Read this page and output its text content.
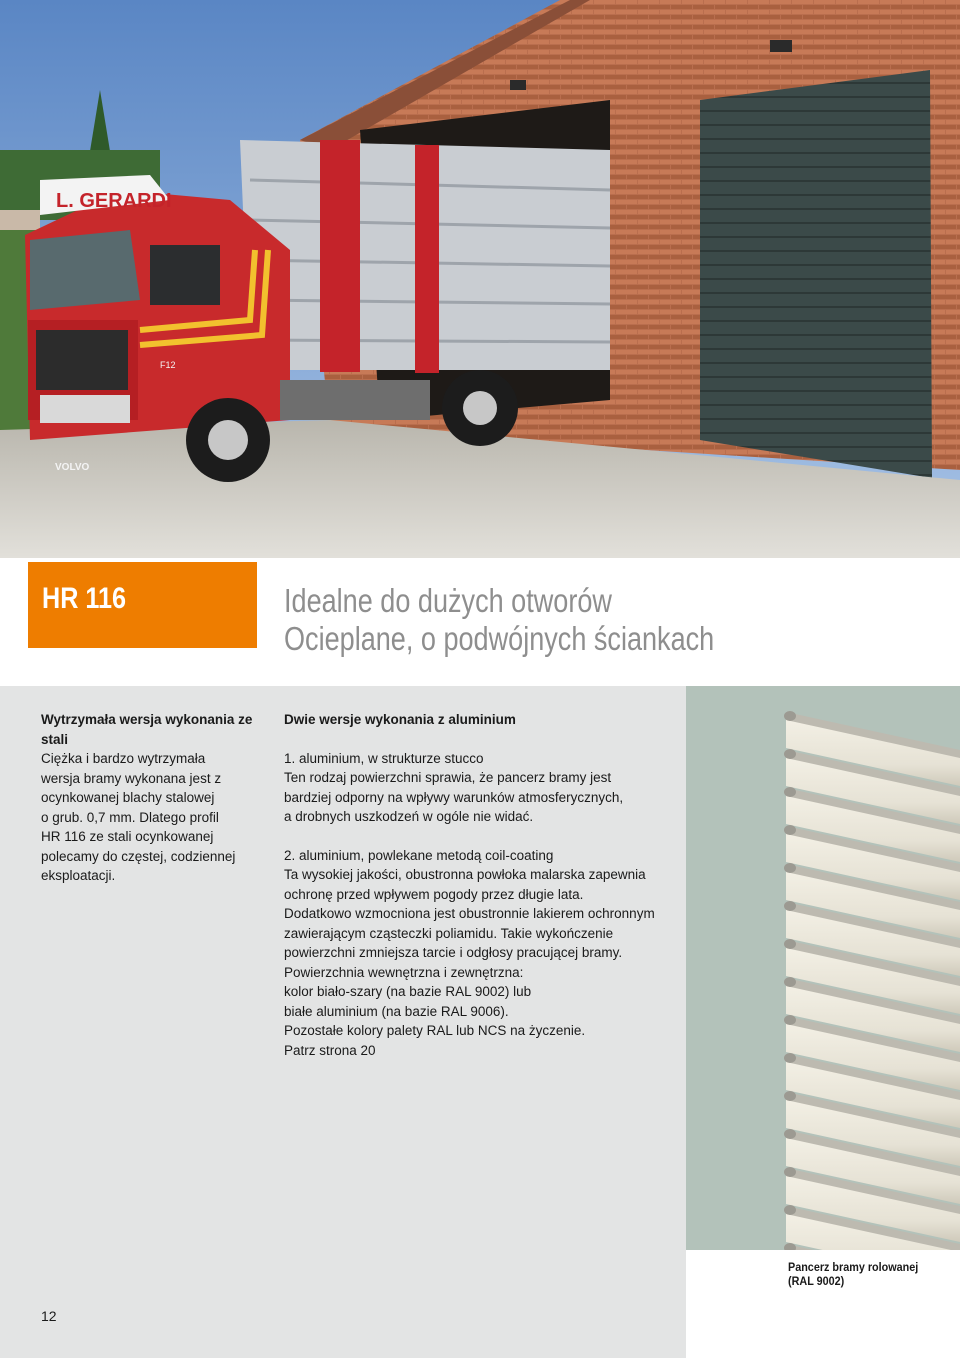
L. GERARDI
VOLVO
F12
HR 116	Idealne do dużych otworów
Ocieplane, o podwójnych ściankach

Wytrzymała wersja wykonania ze stali

Ciężka i bardzo wytrzymała

wersja bramy wykonana jest z

ocynkowanej blachy stalowej

o grub. 0,7 mm. Dlatego profil

HR 116 ze stali ocynkowanej

polecamy do częstej, codziennej

eksploatacji.

Dwie wersje wykonania z aluminium

1. aluminium, w strukturze stucco

Ten rodzaj powierzchni sprawia, że pancerz bramy jest

bardziej odporny na wpływy warunków atmosferycznych,

a drobnych uszkodzeń w ogóle nie widać.

2. aluminium, powlekane metodą coil-coating

Ta wysokiej jakości, obustronna powłoka malarska zapewnia

ochronę przed wpływem pogody przez długie lata.

Dodatkowo wzmocniona jest obustronnie lakierem ochronnym

zawierającym cząsteczki poliamidu. Takie wykończenie

powierzchni zmniejsza tarcie i odgłosy pracującej bramy.

Powierzchnia wewnętrzna i zewnętrzna:

kolor biało-szary (na bazie RAL 9002) lub

białe aluminium (na bazie RAL 9006).

Pozostałe kolory palety RAL lub NCS na życzenie.

Patrz strona 20

12
Pancerz bramy rolowanej
(RAL 9002)
